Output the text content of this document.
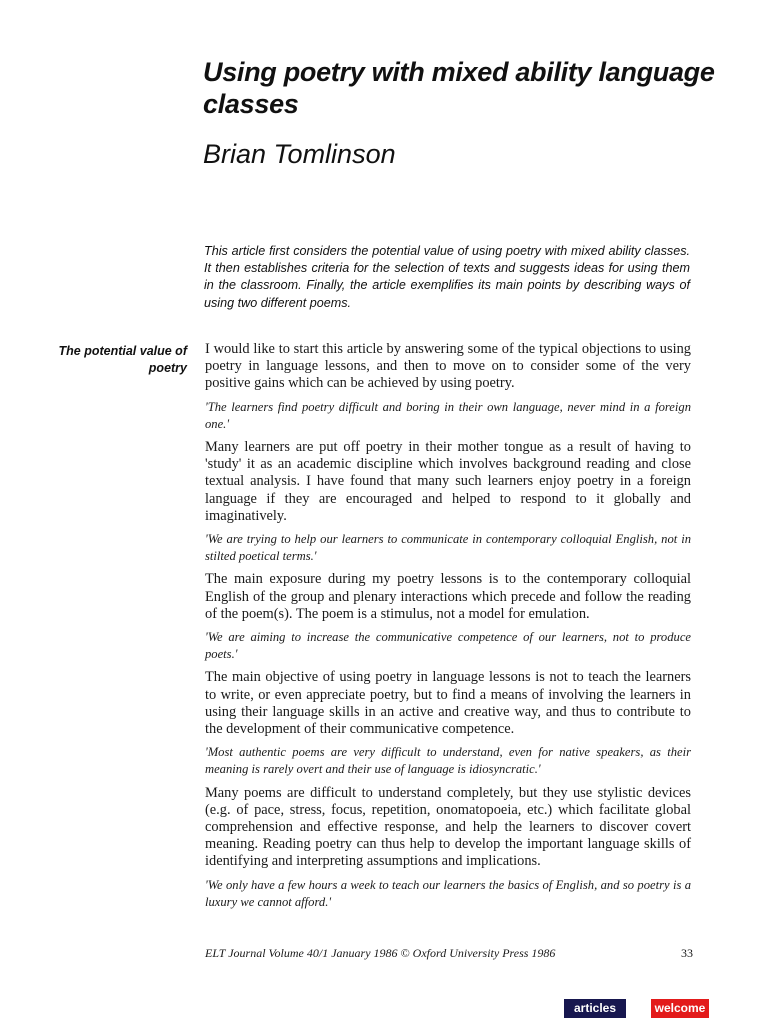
Using poetry with mixed ability language classes
Brian Tomlinson
This article first considers the potential value of using poetry with mixed ability classes. It then establishes criteria for the selection of texts and suggests ideas for using them in the classroom. Finally, the article exemplifies its main points by describing ways of using two different poems.
The potential value of poetry

I would like to start this article by answering some of the typical objections to using poetry in language lessons, and then to move on to consider some of the very positive gains which can be achieved by using poetry.

'The learners find poetry difficult and boring in their own language, never mind in a foreign one.'

Many learners are put off poetry in their mother tongue as a result of having to 'study' it as an academic discipline which involves background reading and close textual analysis. I have found that many such learners enjoy poetry in a foreign language if they are encouraged and helped to respond to it globally and imaginatively.

'We are trying to help our learners to communicate in contemporary colloquial English, not in stilted poetical terms.'

The main exposure during my poetry lessons is to the contemporary colloquial English of the group and plenary interactions which precede and follow the reading of the poem(s). The poem is a stimulus, not a model for emulation.

'We are aiming to increase the communicative competence of our learners, not to produce poets.'

The main objective of using poetry in language lessons is not to teach the learners to write, or even appreciate poetry, but to find a means of involving the learners in using their language skills in an active and creative way, and thus to contribute to the development of their communicative competence.

'Most authentic poems are very difficult to understand, even for native speakers, as their meaning is rarely overt and their use of language is idiosyncratic.'

Many poems are difficult to understand completely, but they use stylistic devices (e.g. of pace, stress, focus, repetition, onomatopoeia, etc.) which facilitate global comprehension and effective response, and help the learners to discover covert meaning. Reading poetry can thus help to develop the important language skills of identifying and interpreting assumptions and implications.

'We only have a few hours a week to teach our learners the basics of English, and so poetry is a luxury we cannot afford.'

ELT Journal Volume 40/1 January 1986 © Oxford University Press 1986	33
articles	welcome
